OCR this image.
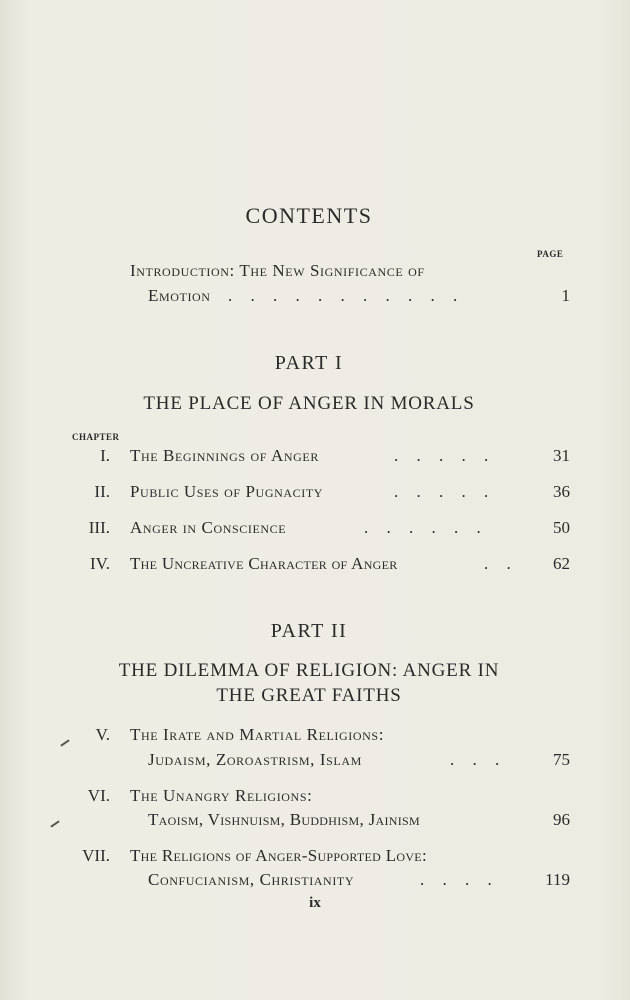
CONTENTS
PAGE
Introduction: The New Significance of
Emotion . . . . . . . . . . .	1
PART I
THE PLACE OF ANGER IN MORALS
CHAPTER
I. The Beginnings of Anger	. . . . .	31
II. Public Uses of Pugnacity	. . . . .	36
III. Anger in Conscience	. . . . . .	50
IV. The Uncreative Character of Anger	. .	62
PART II
THE DILEMMA OF RELIGION: ANGER IN
THE GREAT FAITHS
V. The Irate and Martial Religions:
Judaism, Zoroastrism, Islam	. . .	75
VI. The Unangry Religions:
Taoism, Vishnuism, Buddhism, Jainism	96
VII. The Religions of Anger-Supported Love:
Confucianism, Christianity	. . . .	119
ix
